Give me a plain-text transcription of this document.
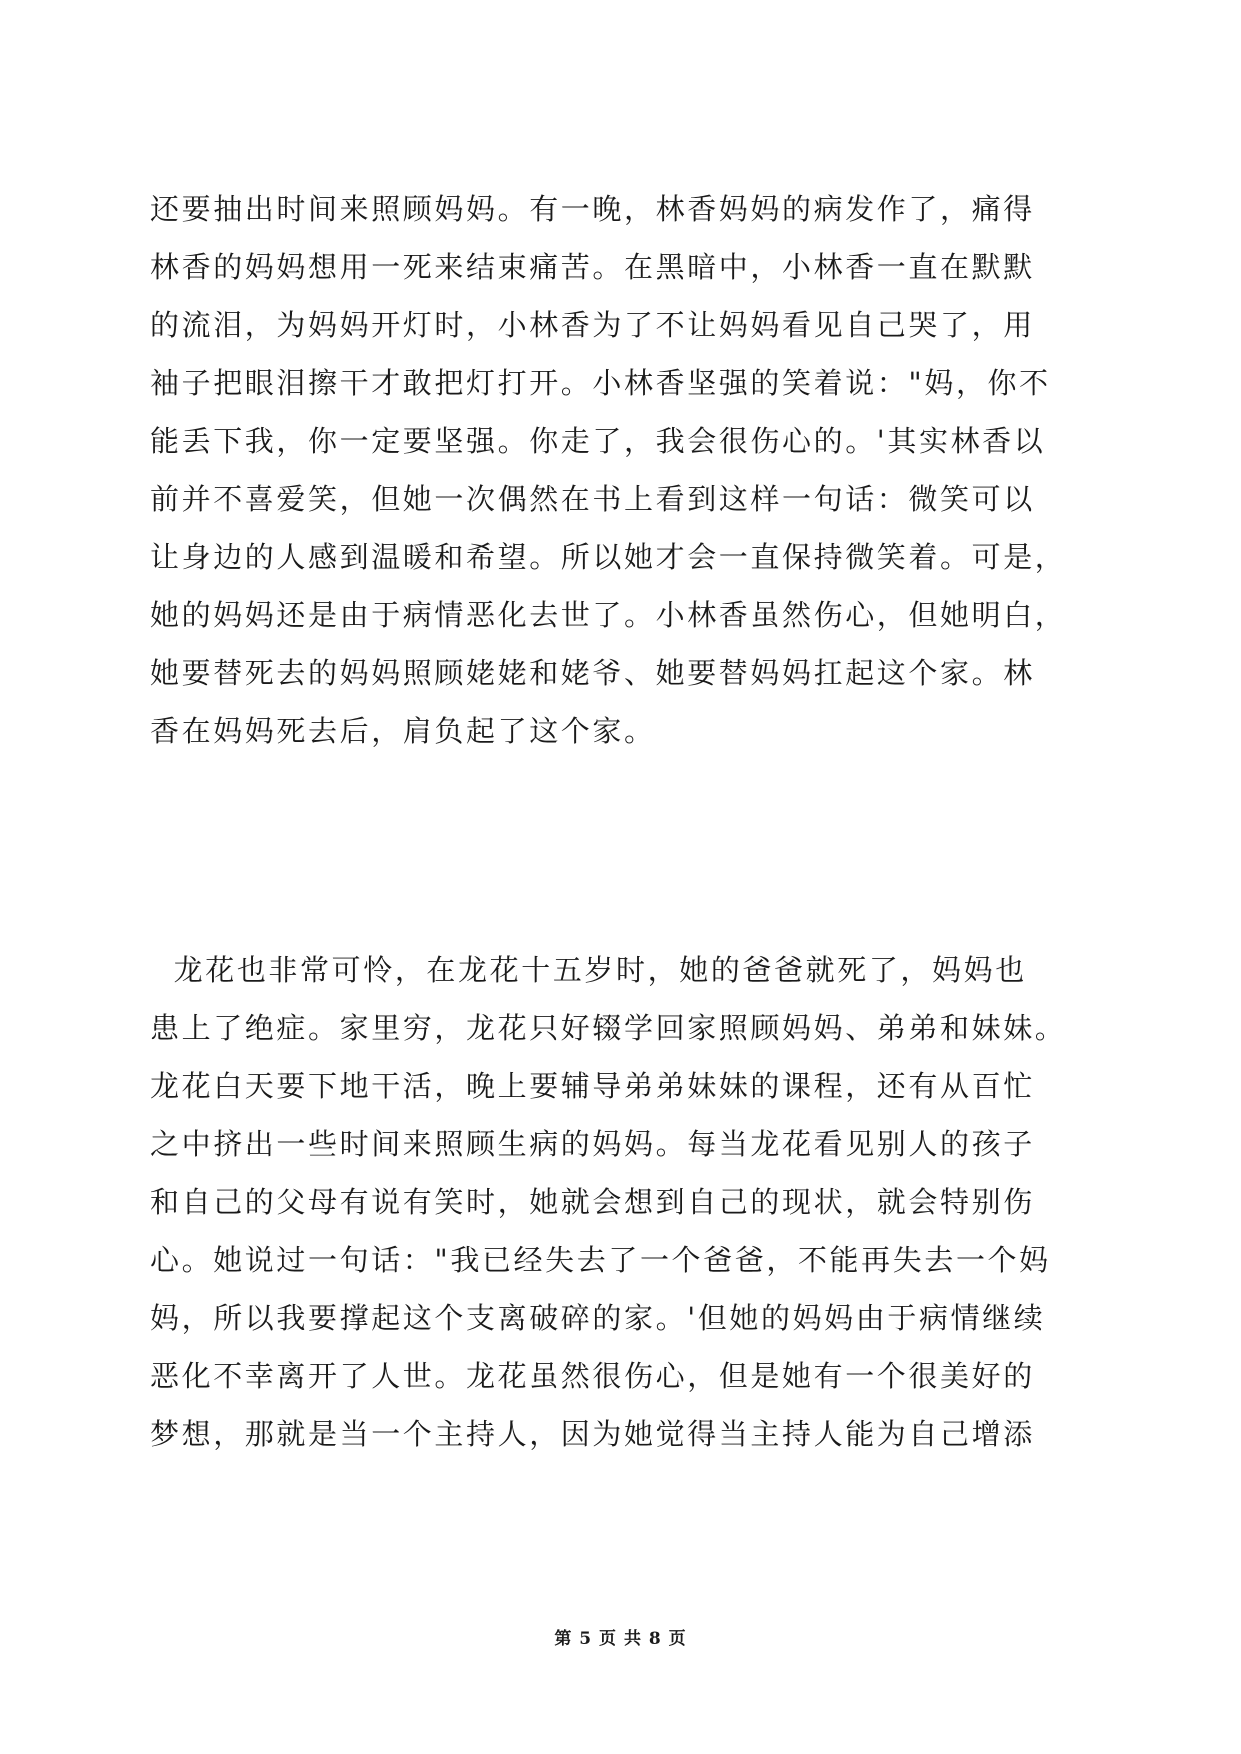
还要抽出时间来照顾妈妈。有一晚，林香妈妈的病发作了，痛得
林香的妈妈想用一死来结束痛苦。在黑暗中，小林香一直在默默
的流泪，为妈妈开灯时，小林香为了不让妈妈看见自己哭了，用
袖子把眼泪擦干才敢把灯打开。小林香坚强的笑着说："妈，你不
能丢下我，你一定要坚强。你走了，我会很伤心的。'其实林香以
前并不喜爱笑，但她一次偶然在书上看到这样一句话：微笑可以
让身边的人感到温暖和希望。所以她才会一直保持微笑着。可是，
她的妈妈还是由于病情恶化去世了。小林香虽然伤心，但她明白，
她要替死去的妈妈照顾姥姥和姥爷、她要替妈妈扛起这个家。林
香在妈妈死去后，肩负起了这个家。
龙花也非常可怜，在龙花十五岁时，她的爸爸就死了，妈妈也
患上了绝症。家里穷，龙花只好辍学回家照顾妈妈、弟弟和妹妹。
龙花白天要下地干活，晚上要辅导弟弟妹妹的课程，还有从百忙
之中挤出一些时间来照顾生病的妈妈。每当龙花看见别人的孩子
和自己的父母有说有笑时，她就会想到自己的现状，就会特别伤
心。她说过一句话："我已经失去了一个爸爸，不能再失去一个妈
妈，所以我要撑起这个支离破碎的家。'但她的妈妈由于病情继续
恶化不幸离开了人世。龙花虽然很伤心，但是她有一个很美好的
梦想，那就是当一个主持人，因为她觉得当主持人能为自己增添
第 5 页 共 8 页
